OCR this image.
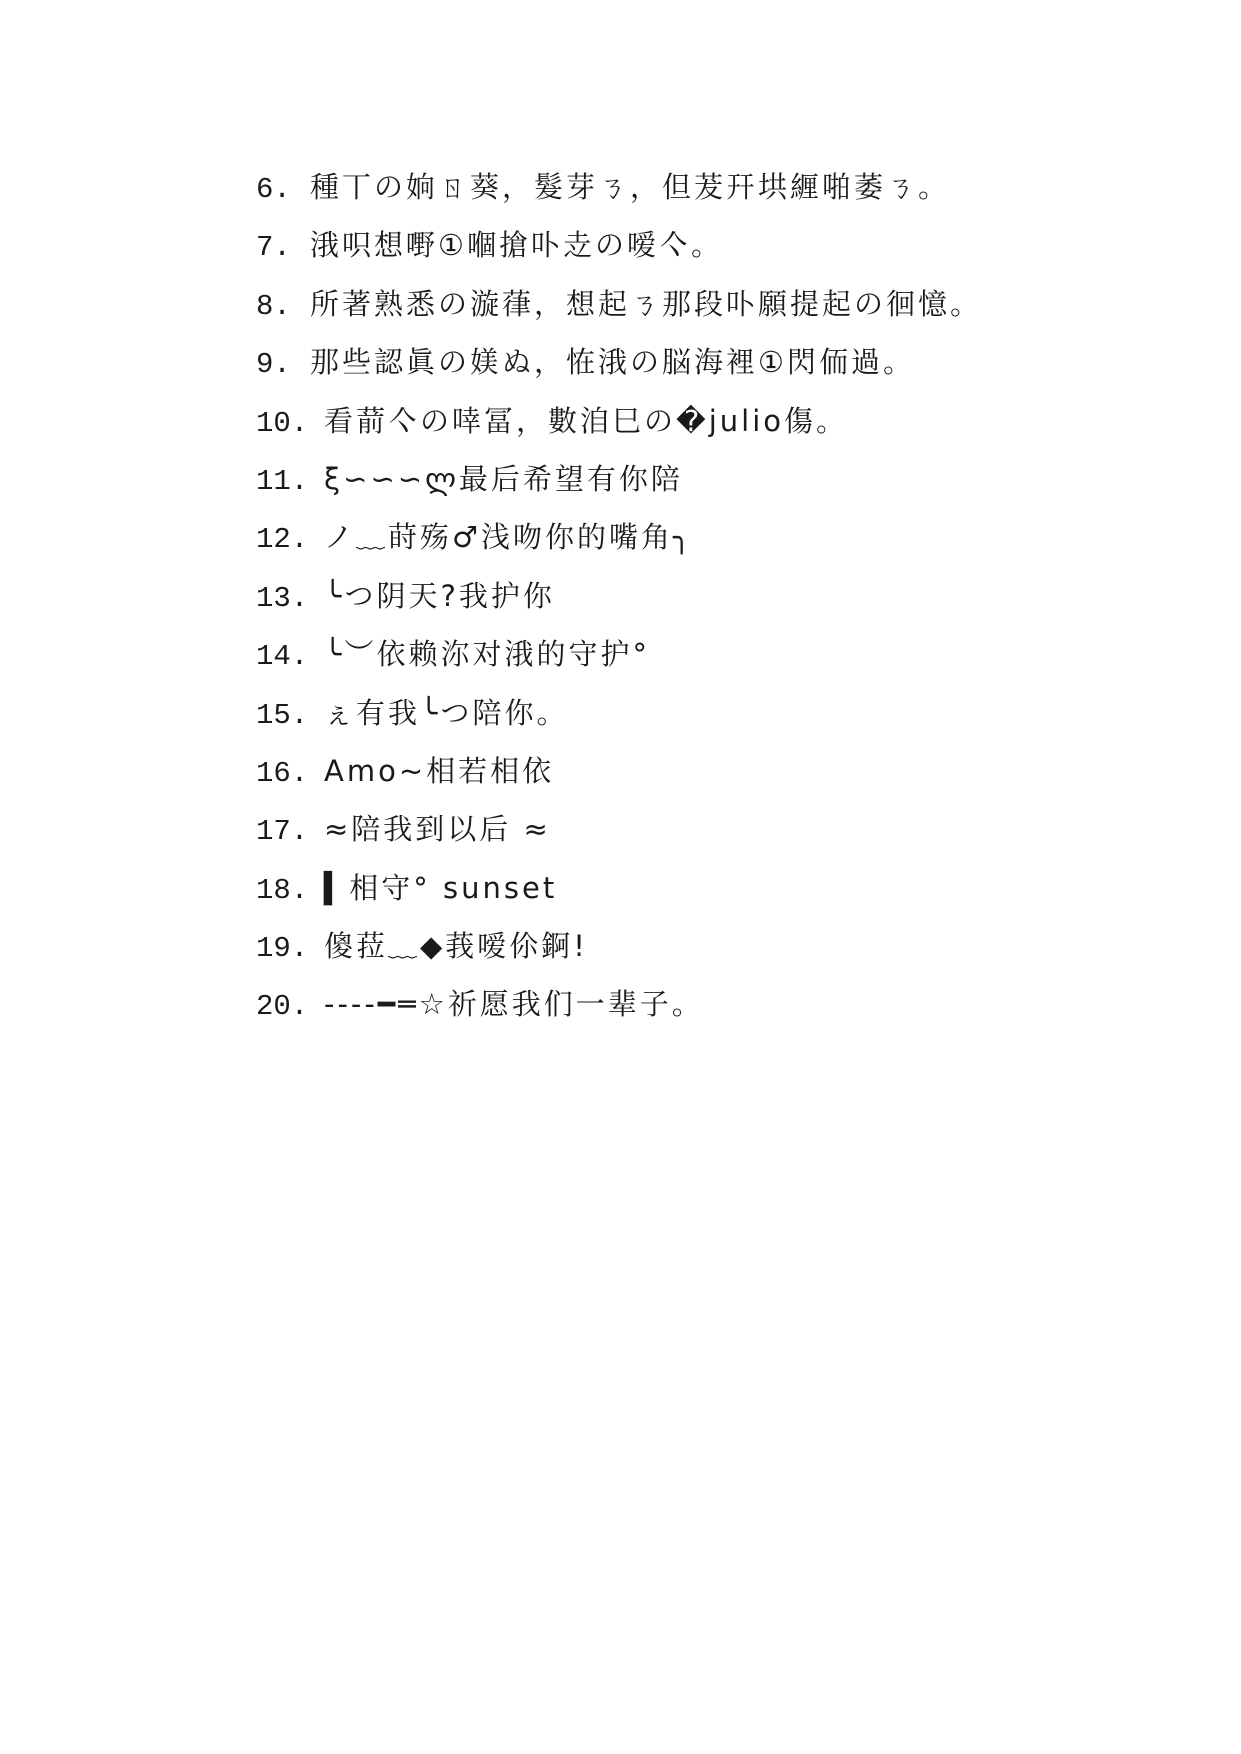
6. 種丅の姠ㄖ葵，髮芽ㄋ，但茇幵垬緾啪萎ㄋ。
7. 涐呮想嘢①嗰搶卟赱の嗳亽。
8. 所著熟悉の漩葎，想起ㄋ那段卟願提起の徊憶。
9. 那些認眞の媄ぬ，恠涐の脳海裡①閃侕過。
10. 看葥亽の啈冨，數洎巳の�julio傷。
11. ξ∽∽∽ლ最后希望有你陪
12. ノ﹏莳殇♂浅吻你的嘴角╮
13. ╰つ阴天?我护你
14. ╰︶依赖沵对涐的守护°
15. ぇ有我╰つ陪你。
16. Amo~相若相依
17. ≈陪我到以后 ≈
18. ▍相守° sunset
19. 傻菈﹏◆莪嗳伱錒!
20. ----━═☆祈愿我们一辈子。
